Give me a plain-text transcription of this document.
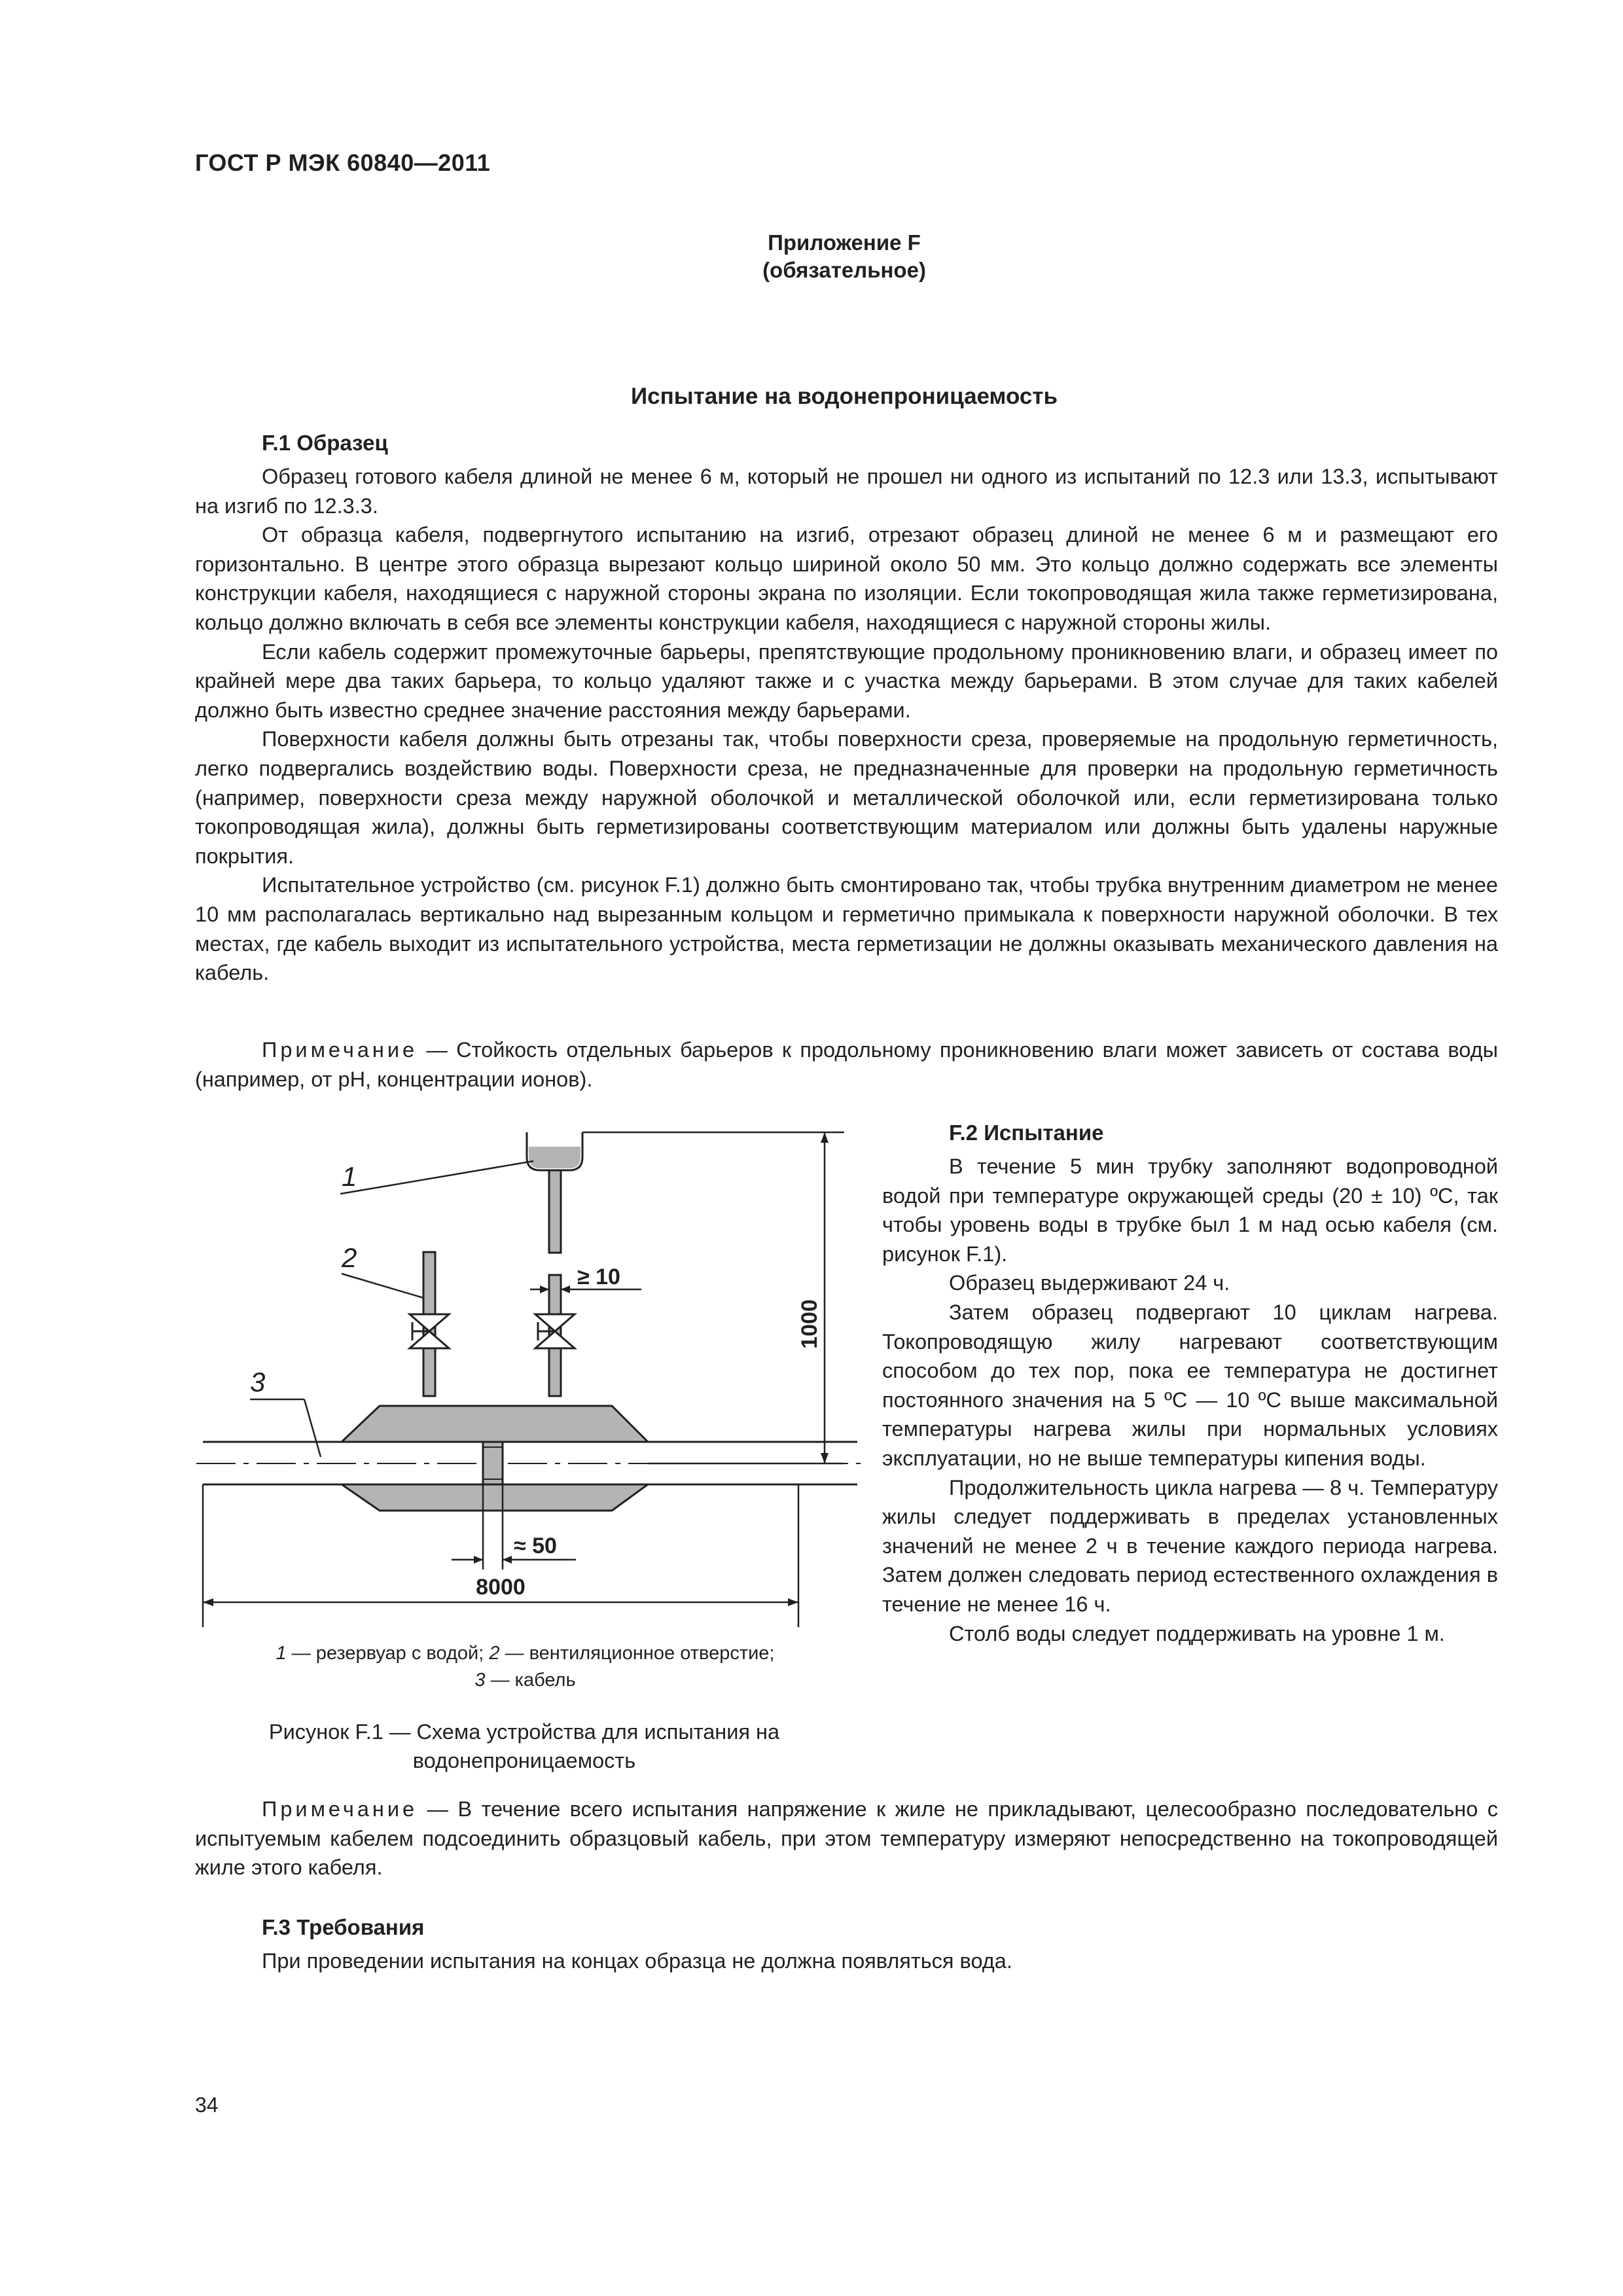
ГОСТ Р МЭК 60840—2011
Приложение F
(обязательное)
Испытание на водонепроницаемость
F.1 Образец

Образец готового кабеля длиной не менее 6 м, который не прошел ни одного из испытаний по 12.3 или 13.3, испытывают на изгиб по 12.3.3.

От образца кабеля, подвергнутого испытанию на изгиб, отрезают образец длиной не менее 6 м и размещают его горизонтально. В центре этого образца вырезают кольцо шириной около 50 мм. Это кольцо должно содержать все элементы конструкции кабеля, находящиеся с наружной стороны экрана по изоляции. Если токопроводящая жила также герметизирована, кольцо должно включать в себя все элементы конструкции кабеля, находящиеся с наружной стороны жилы.

Если кабель содержит промежуточные барьеры, препятствующие продольному проникновению влаги, и образец имеет по крайней мере два таких барьера, то кольцо удаляют также и с участка между барьерами. В этом случае для таких кабелей должно быть известно среднее значение расстояния между барьерами.

Поверхности кабеля должны быть отрезаны так, чтобы поверхности среза, проверяемые на продольную герметичность, легко подвергались воздействию воды. Поверхности среза, не предназначенные для проверки на продольную герметичность (например, поверхности среза между наружной оболочкой и металлической оболочкой или, если герметизирована только токопроводящая жила), должны быть герметизированы соответствующим материалом или должны быть удалены наружные покрытия.

Испытательное устройство (см. рисунок F.1) должно быть смонтировано так, чтобы трубка внутренним диаметром не менее 10 мм располагалась вертикально над вырезанным кольцом и герметично примыкала к поверхности наружной оболочки. В тех местах, где кабель выходит из испытательного устройства, места герметизации не должны оказывать механического давления на кабель.

Примечание — Стойкость отдельных барьеров к продольному проникновению влаги может зависеть от состава воды (например, от pH, концентрации ионов).

1
2
≥ 10
3
1000
≈ 50
8000
1 — резервуар с водой; 2 — вентиляционное отверстие;
3 — кабель
Рисунок F.1 — Схема устройства для испытания на водонепроницаемость
F.2 Испытание

В течение 5 мин трубку заполняют водопроводной водой при температуре окружающей среды (20 ± 10) ºС, так чтобы уровень воды в трубке был 1 м над осью кабеля (см. рисунок F.1).

Образец выдерживают 24 ч.

Затем образец подвергают 10 циклам нагрева. Токопроводящую жилу нагревают соответствующим способом до тех пор, пока ее температура не достигнет постоянного значения на 5 ºС — 10 ºС выше максимальной температуры нагрева жилы при нормальных условиях эксплуатации, но не выше температуры кипения воды.

Продолжительность цикла нагрева — 8 ч. Температуру жилы следует поддерживать в пределах установленных значений не менее 2 ч в течение каждого периода нагрева. Затем должен следовать период естественного охлаждения в течение не менее 16 ч.

Столб воды следует поддерживать на уровне 1 м.

Примечание — В течение всего испытания напряжение к жиле не прикладывают, целесообразно последовательно с испытуемым кабелем подсоединить образцовый кабель, при этом температуру измеряют непосредственно на токопроводящей жиле этого кабеля.

F.3 Требования

При проведении испытания на концах образца не должна появляться вода.

34
